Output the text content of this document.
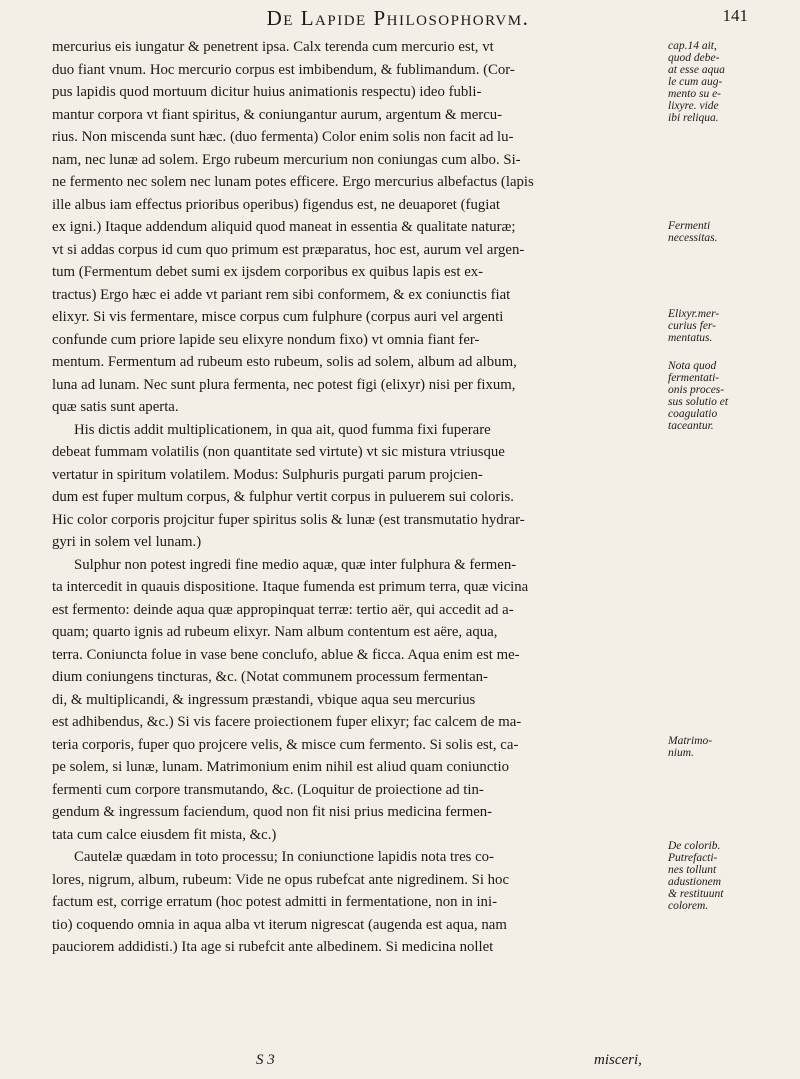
De Lapide Philosophorvm.	141
mercurius eis iungatur & penetrent ipsa. Calx terenda cum mercurio est, vt
duo fiant vnum. Hoc mercurio corpus est imbibendum, & fublimandum. (Cor-
pus lapidis quod mortuum dicitur huius animationis respectu) ideo fubli-
mantur corpora vt fiant spiritus, & coniungantur aurum, argentum & mercu-
rius. Non miscenda sunt hæc. (duo fermenta) Color enim solis non facit ad lu-
nam, nec lunæ ad solem. Ergo rubeum mercurium non coniungas cum albo. Si-
ne fermento nec solem nec lunam potes efficere. Ergo mercurius albefactus (lapis
ille albus iam effectus prioribus operibus) figendus est, ne deuaporet (fugiat
ex igni.) Itaque addendum aliquid quod maneat in essentia & qualitate naturæ;
vt si addas corpus id cum quo primum est præparatus, hoc est, aurum vel argen-
tum (Fermentum debet sumi ex ijsdem corporibus ex quibus lapis est ex-
tractus) Ergo hæc ei adde vt pariant rem sibi conformem, & ex coniunctis fiat
elixyr. Si vis fermentare, misce corpus cum fulphure (corpus auri vel argenti
confunde cum priore lapide seu elixyre nondum fixo) vt omnia fiant fer-
mentum. Fermentum ad rubeum esto rubeum, solis ad solem, album ad album,
luna ad lunam. Nec sunt plura fermenta, nec potest figi (elixyr) nisi per fixum,
quæ satis sunt aperta.
His dictis addit multiplicationem, in qua ait, quod fumma fixi fuperare
debeat fummam volatilis (non quantitate sed virtute) vt sic mistura vtriusque
vertatur in spiritum volatilem. Modus: Sulphuris purgati parum projcien-
dum est fuper multum corpus, & fulphur vertit corpus in puluerem sui coloris.
Hic color corporis projcitur fuper spiritus solis & lunæ (est transmutatio hydrar-
gyri in solem vel lunam.)
Sulphur non potest ingredi fine medio aquæ, quæ inter fulphura & fermen-
ta intercedit in quauis dispositione. Itaque fumenda est primum terra, quæ vicina
est fermento: deinde aqua quæ appropinquat terræ: tertio aër, qui accedit ad a-
quam; quarto ignis ad rubeum elixyr. Nam album contentum est aëre, aqua,
terra. Coniuncta folue in vase bene conclufo, ablue & ficca. Aqua enim est me-
dium coniungens tincturas, &c. (Notat communem processum fermentan-
di, & multiplicandi, & ingressum præstandi, vbique aqua seu mercurius
est adhibendus, &c.) Si vis facere proiectionem fuper elixyr; fac calcem de ma-
teria corporis, fuper quo projcere velis, & misce cum fermento. Si solis est, ca-
pe solem, si lunæ, lunam. Matrimonium enim nihil est aliud quam coniunctio
fermenti cum corpore transmutando, &c. (Loquitur de proiectione ad tin-
gendum & ingressum faciendum, quod non fit nisi prius medicina fermen-
tata cum calce eiusdem fit mista, &c.)
Cautelæ quædam in toto processu; In coniunctione lapidis nota tres co-
lores, nigrum, album, rubeum: Vide ne opus rubefcat ante nigredinem. Si hoc
factum est, corrige erratum (hoc potest admitti in fermentatione, non in ini-
tio) coquendo omnia in aqua alba vt iterum nigrescat (augenda est aqua, nam
pauciorem addidisti.) Ita age si rubefcit ante albedinem. Si medicina nollet
cap.14 ait,
quod debe-
at esse aqua
le cum aug-
mento su e-
lixyre. vide
ibi reliqua.
Fermenti
necessitas.
Elixyr.mer-
curius fer-
mentatus.
Nota quod
fermentati-
onis proces-
sus solutio et
coagulatio
taceantur.
Matrimo-
nium.
De colorib.
Putrefacti-
nes tollunt
adustionem
& restituunt
colorem.
S 3	misceri,
